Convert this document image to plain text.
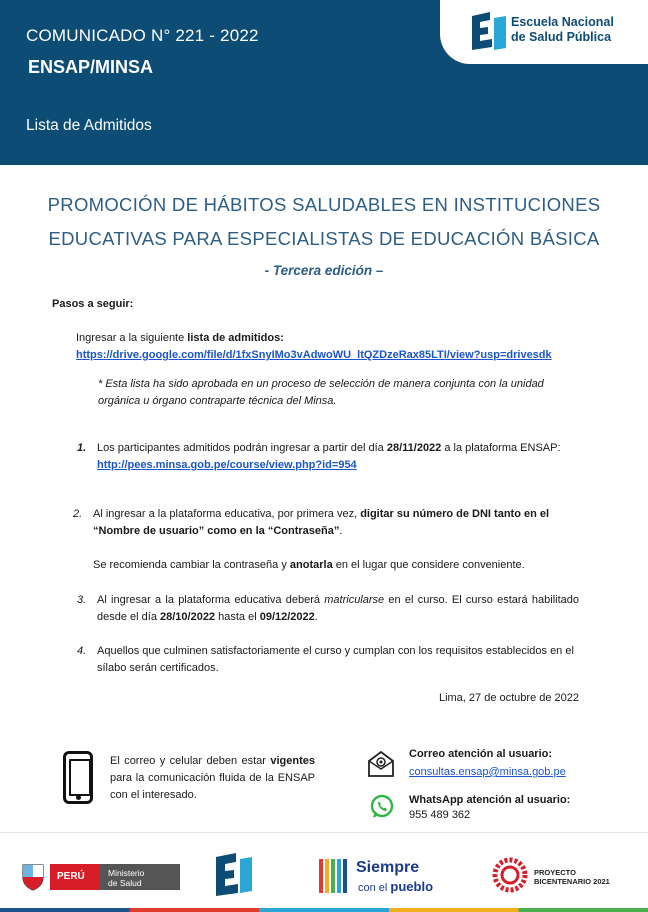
COMUNICADO N° 221 - 2022
ENSAP/MINSA
Lista de Admitidos
Escuela Nacional
de Salud Pública
PROMOCIÓN DE HÁBITOS SALUDABLES EN INSTITUCIONES
EDUCATIVAS PARA ESPECIALISTAS DE EDUCACIÓN BÁSICA
- Tercera edición –
Pasos a seguir:
Ingresar a la siguiente lista de admitidos:
https://drive.google.com/file/d/1fxSnyIMo3vAdwoWU_ltQZDzeRax85LTI/view?usp=drivesdk
* Esta lista ha sido aprobada en un proceso de selección de manera conjunta con la unidad orgánica u órgano contraparte técnica del Minsa.
1. Los participantes admitidos podrán ingresar a partir del día 28/11/2022 a la plataforma ENSAP: http://pees.minsa.gob.pe/course/view.php?id=954
2. Al ingresar a la plataforma educativa, por primera vez, digitar su número de DNI tanto en el “Nombre de usuario” como en la “Contraseña”.
Se recomienda cambiar la contraseña y anotarla en el lugar que considere conveniente.
3. Al ingresar a la plataforma educativa deberá matricularse en el curso. El curso estará habilitado desde el día 28/10/2022 hasta el 09/12/2022.
4. Aquellos que culminen satisfactoriamente el curso y cumplan con los requisitos establecidos en el sílabo serán certificados.
Lima, 27 de octubre de 2022
El correo y celular deben estar vigentes para la comunicación fluida de la ENSAP con el interesado.
Correo atención al usuario:
consultas.ensap@minsa.gob.pe
WhatsApp atención al usuario:
955 489 362
PERÚ	Ministerio
de Salud
Siempre
con el pueblo
PROYECTO
BICENTENARIO 2021
